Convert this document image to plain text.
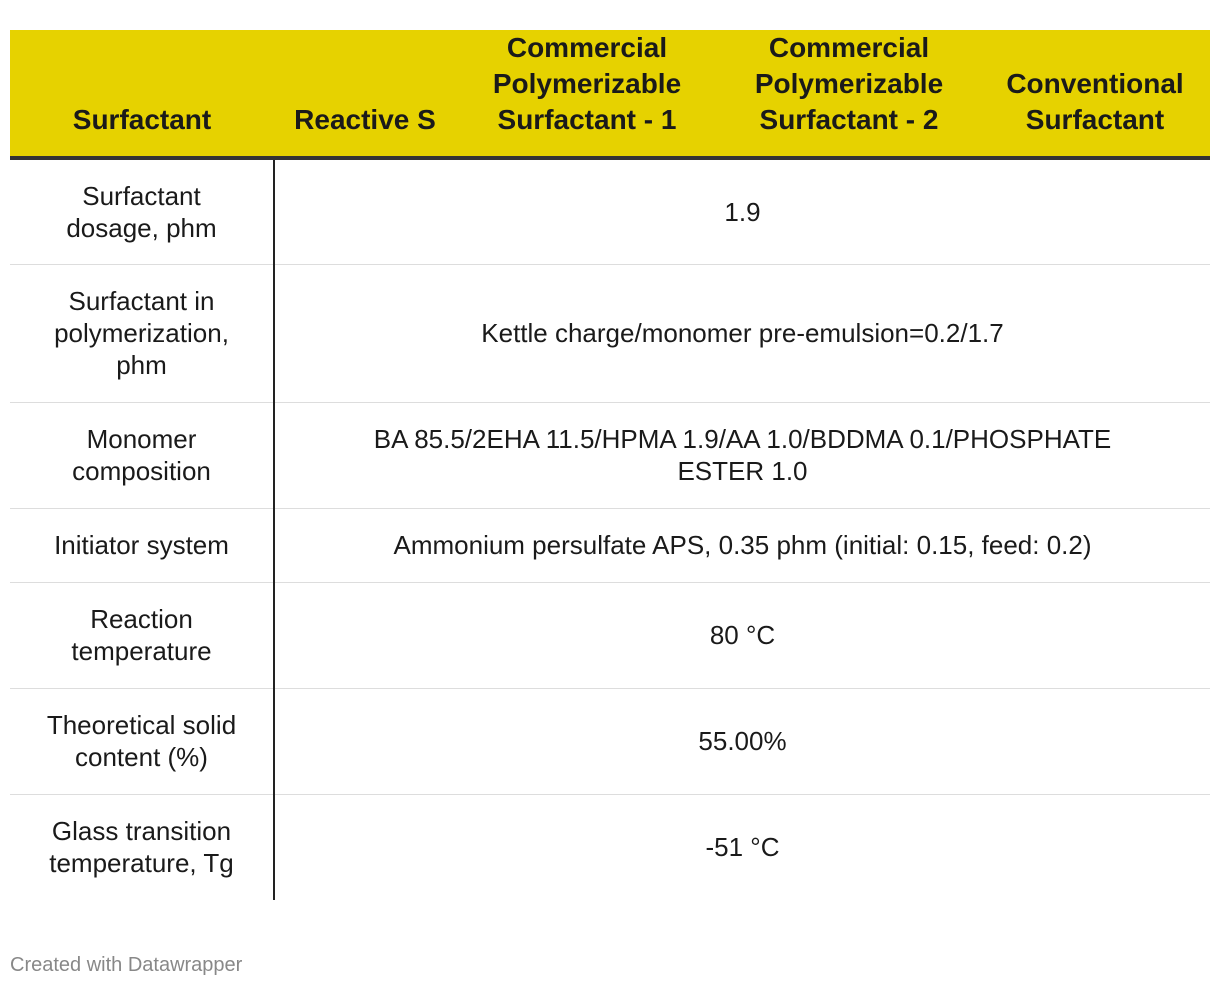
Surfactant	Reactive S	Commercial Polymerizable Surfactant - 1	Commercial Polymerizable Surfactant - 2	Conventional Surfactant
Surfactant dosage, phm	1.9			
Surfactant in polymerization, phm	Kettle charge/monomer pre-emulsion=0.2/1.7			
Monomer composition	BA 85.5/2EHA 11.5/HPMA 1.9/AA 1.0/BDDMA 0.1/PHOSPHATE ESTER 1.0			
Initiator system	Ammonium persulfate APS, 0.35 phm (initial: 0.15, feed: 0.2)			
Reaction temperature	80 °C			
Theoretical solid content (%)	55.00%			
Glass transition temperature, Tg	-51 °C			
Created with Datawrapper
